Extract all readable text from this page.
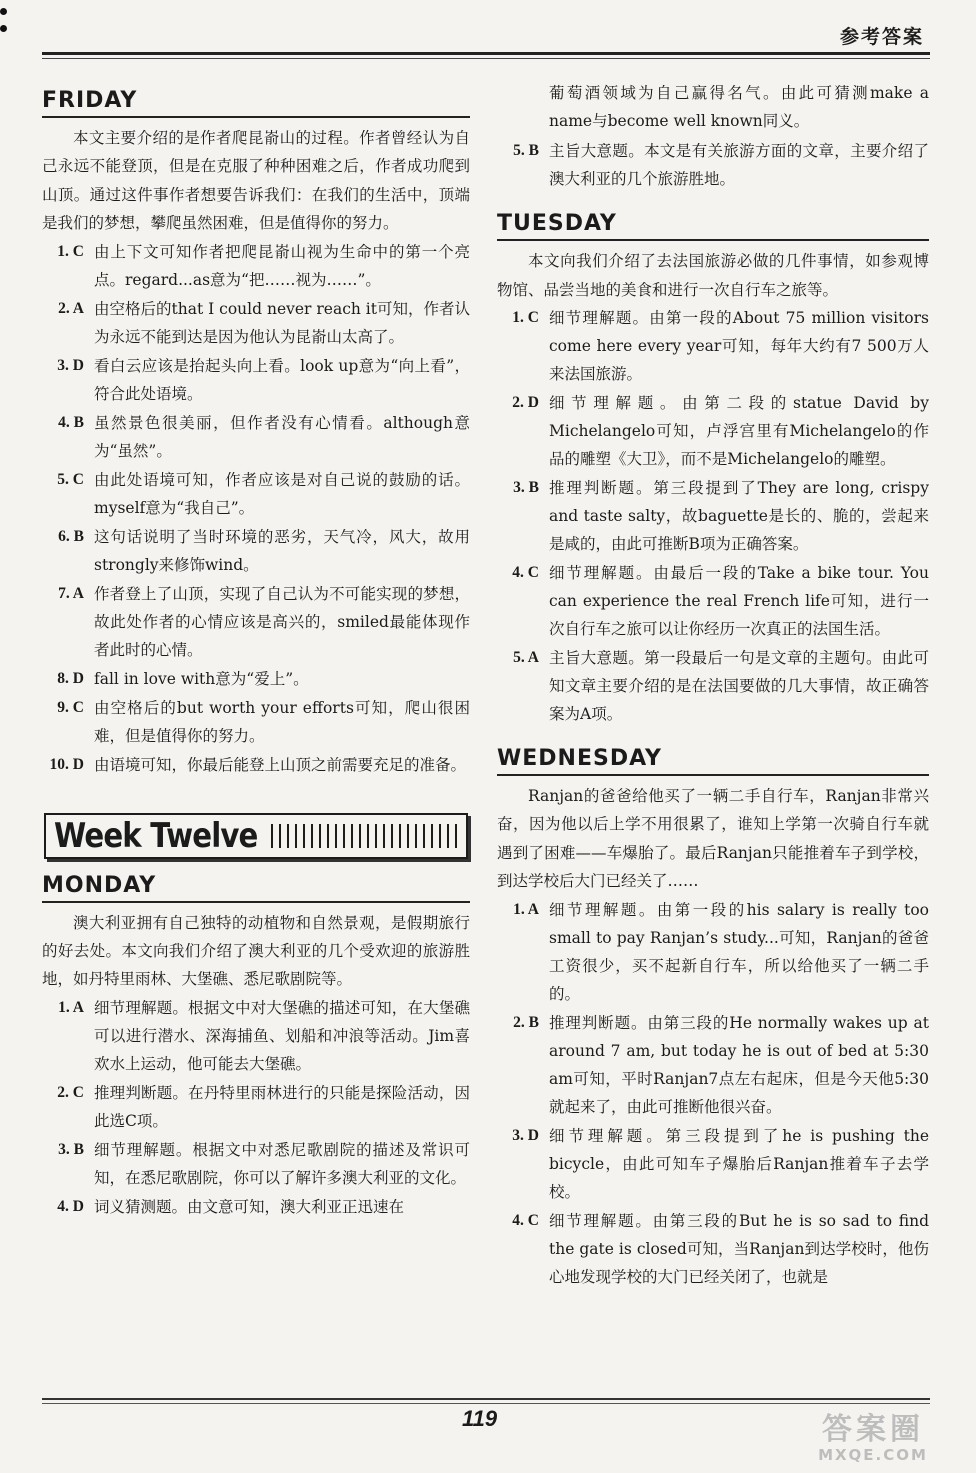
参考答案
FRIDAY

本文主要介绍的是作者爬昆嵛山的过程。作者曾经认为自己永远不能登顶，但是在克服了种种困难之后，作者成功爬到山顶。通过这件事作者想要告诉我们：在我们的生活中，顶端是我们的梦想，攀爬虽然困难，但是值得你的努力。

1. C 由上下文可知作者把爬昆嵛山视为生命中的第一个亮点。regard...as意为“把……视为……”。
2. A 由空格后的that I could never reach it可知，作者认为永远不能到达是因为他认为昆嵛山太高了。
3. D 看白云应该是抬起头向上看。look up意为“向上看”，符合此处语境。
4. B 虽然景色很美丽，但作者没有心情看。although意为“虽然”。
5. C 由此处语境可知，作者应该是对自己说的鼓励的话。myself意为“我自己”。
6. B 这句话说明了当时环境的恶劣，天气冷，风大，故用strongly来修饰wind。
7. A 作者登上了山顶，实现了自己认为不可能实现的梦想，故此处作者的心情应该是高兴的，smiled最能体现作者此时的心情。
8. D fall in love with意为“爱上”。
9. C 由空格后的but worth your efforts可知，爬山很困难，但是值得你的努力。
10. D 由语境可知，你最后能登上山顶之前需要充足的准备。
Week Twelve
MONDAY

澳大利亚拥有自己独特的动植物和自然景观，是假期旅行的好去处。本文向我们介绍了澳大利亚的几个受欢迎的旅游胜地，如丹特里雨林、大堡礁、悉尼歌剧院等。

1. A 细节理解题。根据文中对大堡礁的描述可知，在大堡礁可以进行潜水、深海捕鱼、划船和冲浪等活动。Jim喜欢水上运动，他可能去大堡礁。
2. C 推理判断题。在丹特里雨林进行的只能是探险活动，因此选C项。
3. B 细节理解题。根据文中对悉尼歌剧院的描述及常识可知，在悉尼歌剧院，你可以了解许多澳大利亚的文化。
4. D 词义猜测题。由文意可知，澳大利亚正迅速在

葡萄酒领域为自己赢得名气。由此可猜测make a name与become well known同义。

5. B 主旨大意题。本文是有关旅游方面的文章，主要介绍了澳大利亚的几个旅游胜地。
TUESDAY

本文向我们介绍了去法国旅游必做的几件事情，如参观博物馆、品尝当地的美食和进行一次自行车之旅等。

1. C 细节理解题。由第一段的About 75 million visitors come here every year可知，每年大约有7 500万人来法国旅游。
2. D 细节理解题。由第二段的statue David by Michelangelo可知，卢浮宫里有Michelangelo的作品的雕塑《大卫》，而不是Michelangelo的雕塑。
3. B 推理判断题。第三段提到了They are long, crispy and taste salty，故baguette是长的、脆的，尝起来是咸的，由此可推断B项为正确答案。
4. C 细节理解题。由最后一段的Take a bike tour. You can experience the real French life可知，进行一次自行车之旅可以让你经历一次真正的法国生活。
5. A 主旨大意题。第一段最后一句是文章的主题句。由此可知文章主要介绍的是在法国要做的几大事情，故正确答案为A项。
WEDNESDAY

Ranjan的爸爸给他买了一辆二手自行车，Ranjan非常兴奋，因为他以后上学不用很累了，谁知上学第一次骑自行车就遇到了困难——车爆胎了。最后Ranjan只能推着车子到学校，到达学校后大门已经关了……

1. A 细节理解题。由第一段的his salary is really too small to pay Ranjan’s study...可知，Ranjan的爸爸工资很少，买不起新自行车，所以给他买了一辆二手的。
2. B 推理判断题。由第三段的He normally wakes up at around 7 am, but today he is out of bed at 5:30 am可知，平时Ranjan7点左右起床，但是今天他5:30就起来了，由此可推断他很兴奋。
3. D 细节理解题。第三段提到了he is pushing the bicycle，由此可知车子爆胎后Ranjan推着车子去学校。
4. C 细节理解题。由第三段的But he is so sad to find the gate is closed可知，当Ranjan到达学校时，他伤心地发现学校的大门已经关闭了，也就是
119	答案圈
MXQE.COM
